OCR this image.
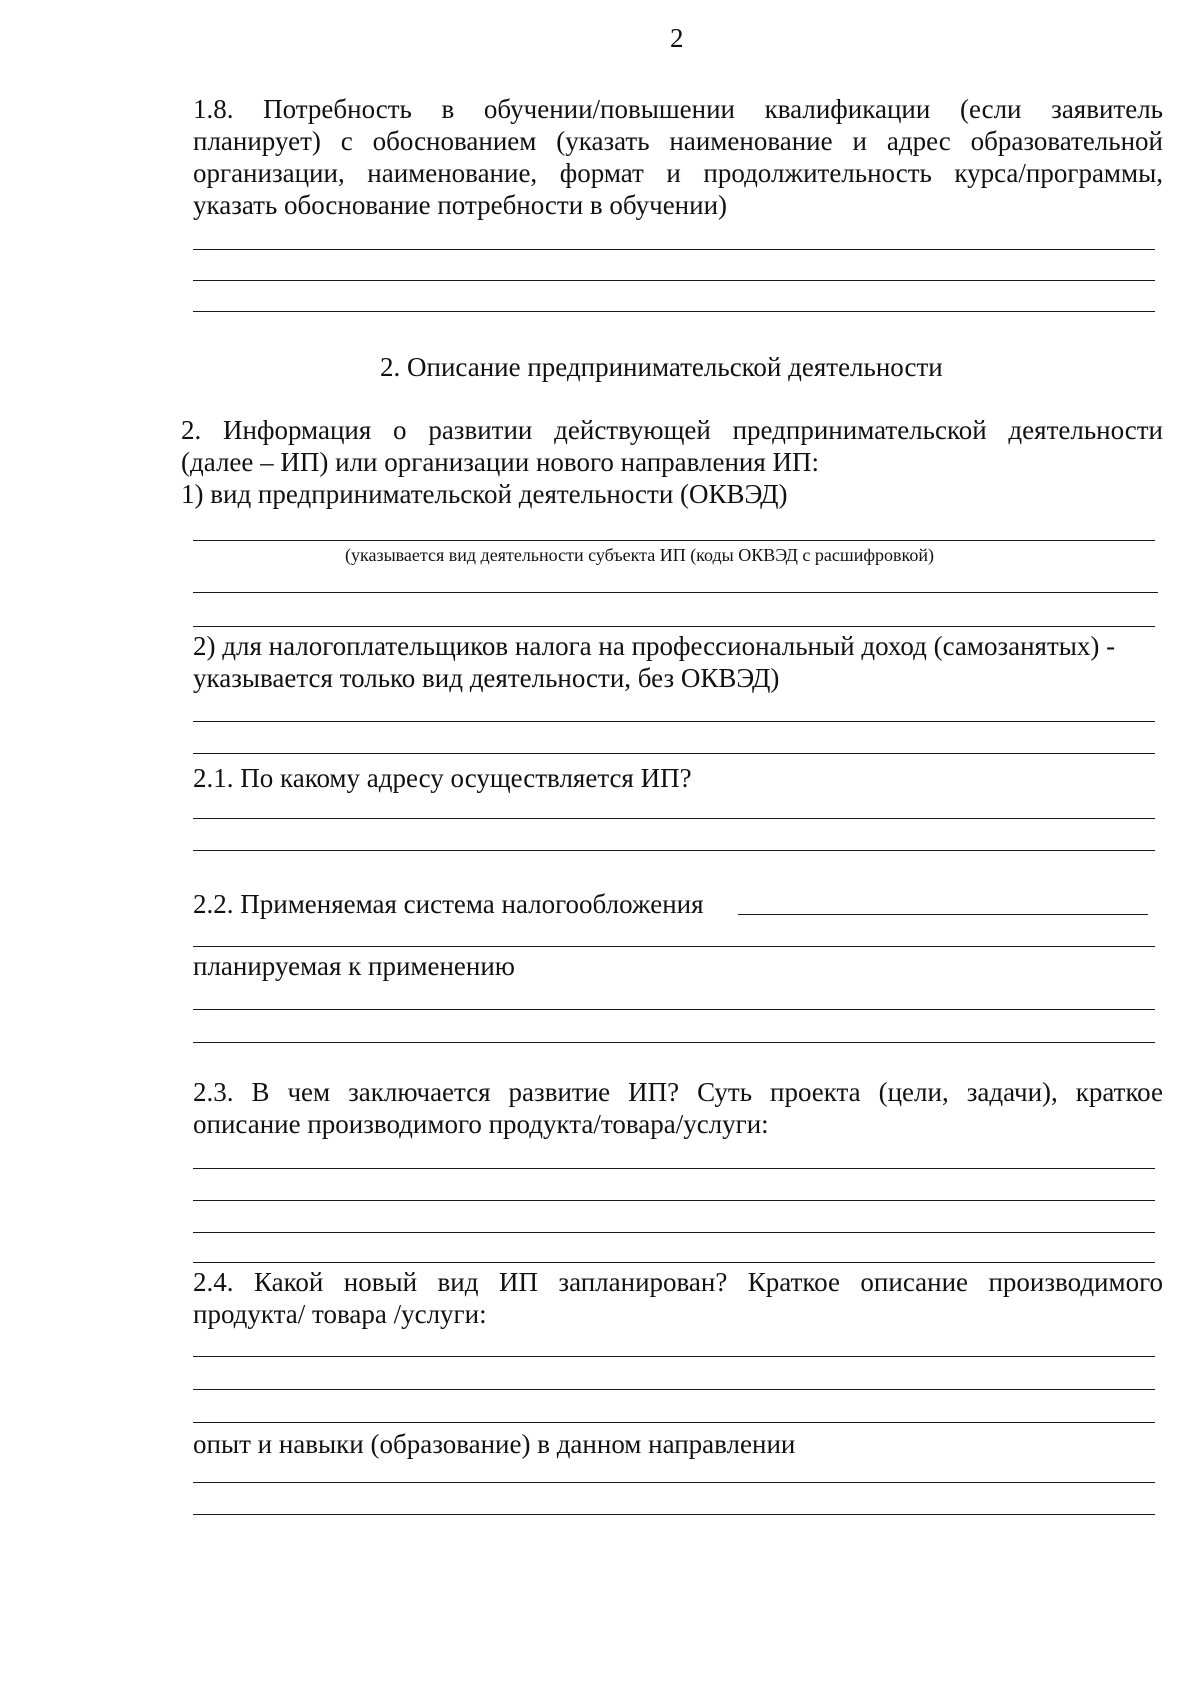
2
1.8. Потребность в обучении/повышении квалификации (если заявитель
планирует) с обоснованием (указать наименование и адрес образовательной
организации, наименование, формат и продолжительность курса/программы,
указать обоснование потребности в обучении)
2. Описание предпринимательской деятельности
2. Информация о развитии действующей предпринимательской деятельности
(далее – ИП) или организации нового направления ИП:
1) вид предпринимательской деятельности (ОКВЭД)
(указывается вид деятельности субъекта ИП (коды ОКВЭД с расшифровкой)
2) для налогоплательщиков налога на профессиональный доход (самозанятых) -
указывается только вид деятельности, без ОКВЭД)
2.1. По какому адресу осуществляется ИП?
2.2. Применяемая система налогообложения
планируемая к применению
2.3. В чем заключается развитие ИП? Суть проекта (цели, задачи), краткое
описание производимого продукта/товара/услуги:
2.4. Какой новый вид ИП запланирован? Краткое описание производимого
продукта/ товара /услуги:
опыт и навыки (образование) в данном направлении
